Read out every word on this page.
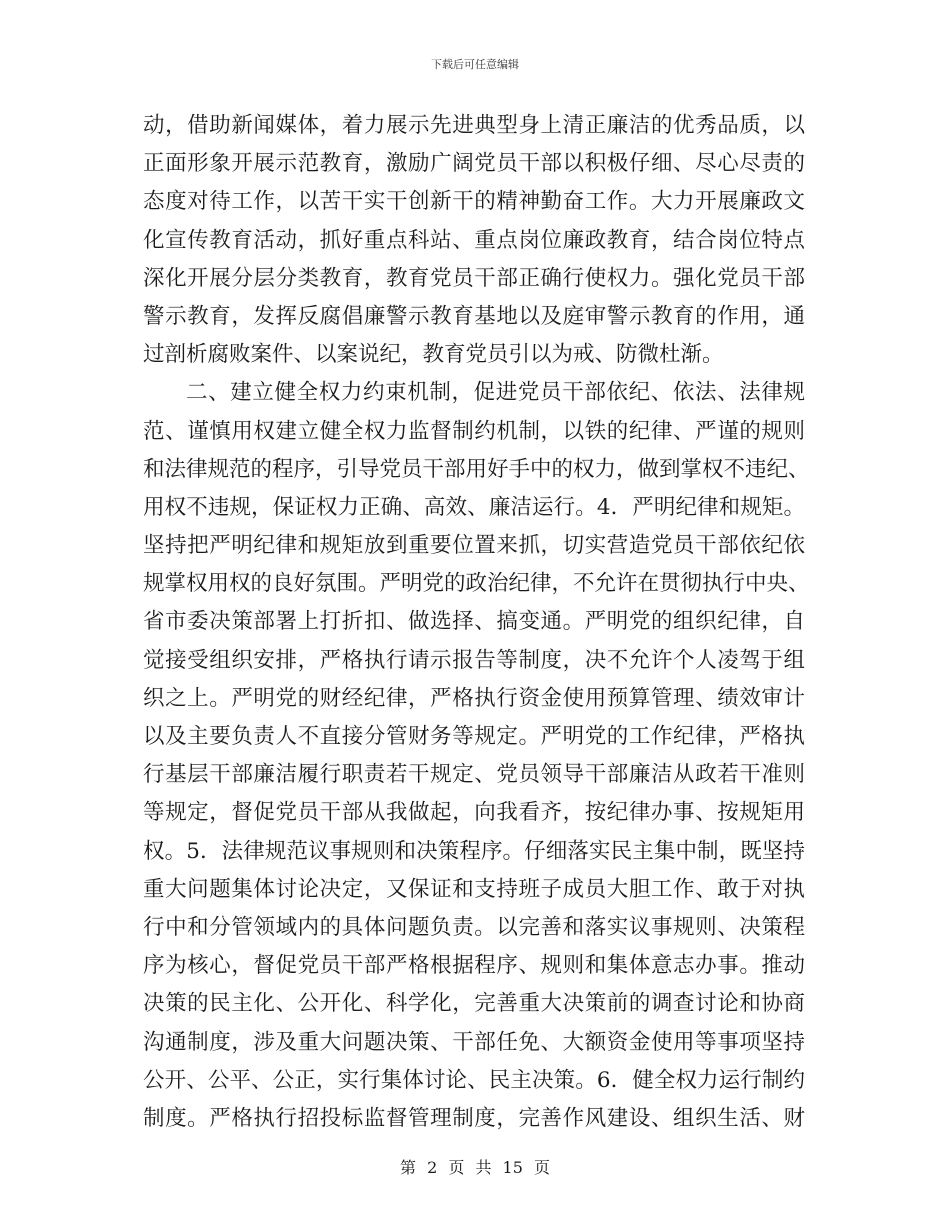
下载后可任意编辑
动，借助新闻媒体，着力展示先进典型身上清正廉洁的优秀品质，以
正面形象开展示范教育，激励广阔党员干部以积极仔细、尽心尽责的
态度对待工作，以苦干实干创新干的精神勤奋工作。大力开展廉政文
化宣传教育活动，抓好重点科站、重点岗位廉政教育，结合岗位特点
深化开展分层分类教育，教育党员干部正确行使权力。强化党员干部
警示教育，发挥反腐倡廉警示教育基地以及庭审警示教育的作用，通
过剖析腐败案件、以案说纪，教育党员引以为戒、防微杜渐。
二、建立健全权力约束机制，促进党员干部依纪、依法、法律规
范、谨慎用权建立健全权力监督制约机制，以铁的纪律、严谨的规则
和法律规范的程序，引导党员干部用好手中的权力，做到掌权不违纪、
用权不违规，保证权力正确、高效、廉洁运行。4．严明纪律和规矩。
坚持把严明纪律和规矩放到重要位置来抓，切实营造党员干部依纪依
规掌权用权的良好氛围。严明党的政治纪律，不允许在贯彻执行中央、
省市委决策部署上打折扣、做选择、搞变通。严明党的组织纪律，自
觉接受组织安排，严格执行请示报告等制度，决不允许个人凌驾于组
织之上。严明党的财经纪律，严格执行资金使用预算管理、绩效审计
以及主要负责人不直接分管财务等规定。严明党的工作纪律，严格执
行基层干部廉洁履行职责若干规定、党员领导干部廉洁从政若干准则
等规定，督促党员干部从我做起，向我看齐，按纪律办事、按规矩用
权。5．法律规范议事规则和决策程序。仔细落实民主集中制，既坚持
重大问题集体讨论决定，又保证和支持班子成员大胆工作、敢于对执
行中和分管领域内的具体问题负责。以完善和落实议事规则、决策程
序为核心，督促党员干部严格根据程序、规则和集体意志办事。推动
决策的民主化、公开化、科学化，完善重大决策前的调查讨论和协商
沟通制度，涉及重大问题决策、干部任免、大额资金使用等事项坚持
公开、公平、公正，实行集体讨论、民主决策。6．健全权力运行制约
制度。严格执行招投标监督管理制度，完善作风建设、组织生活、财
第 2 页 共 15 页
